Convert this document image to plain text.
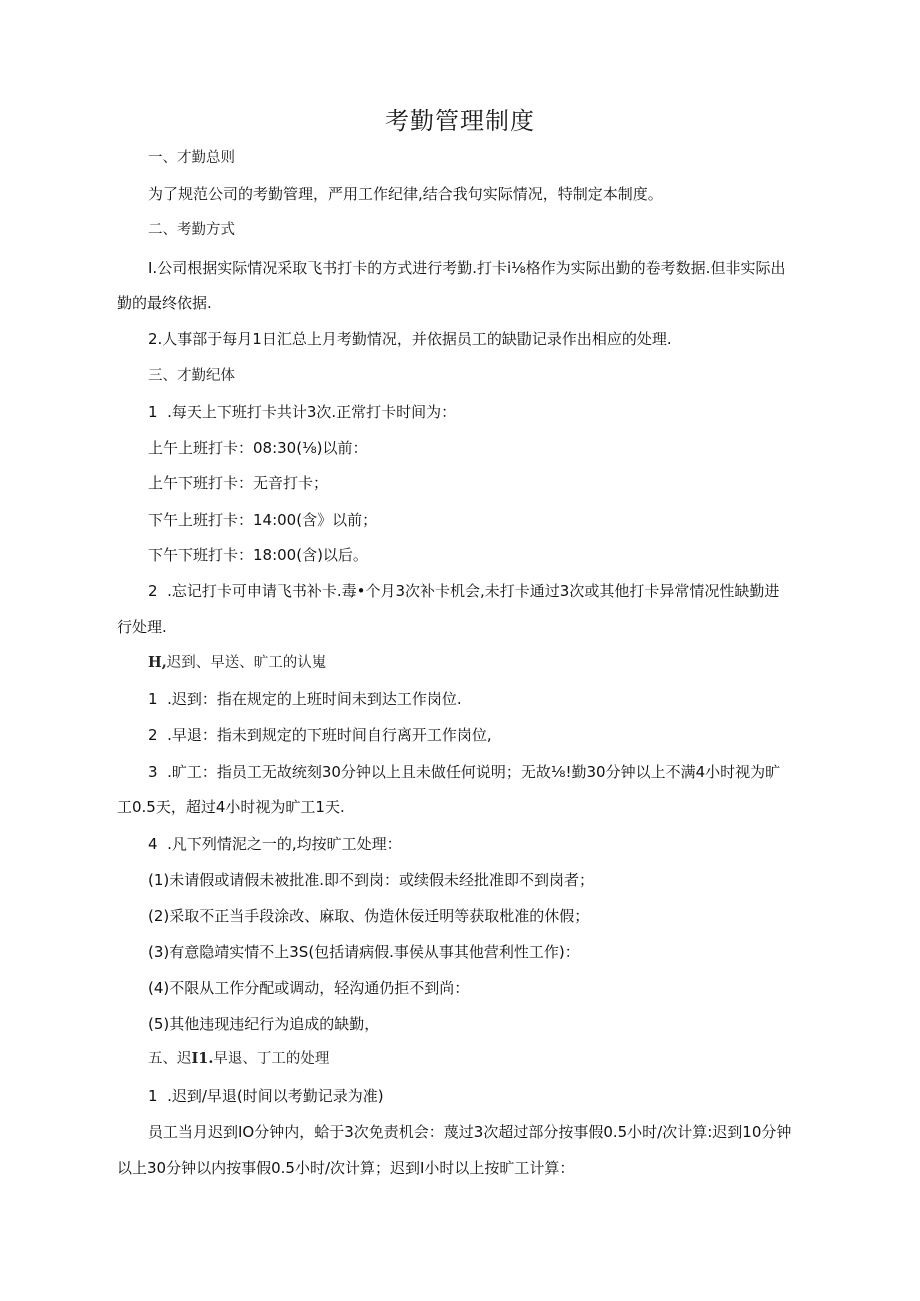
考勤管理制度
一、才勤总则
为了规范公司的考勤管理，严用工作纪律,结合我句实际情况，特制定本制度。
二、考勤方式
I.公司根据实际情况采取飞书打卡的方式进行考勤.打卡i⅛格作为实际出勤的卷考数据.但非实际出
勤的最终依据.
2.人事部于每月1日汇总上月考勤情况，并依据员工的缺勖记录作出相应的处理.
三、才勤纪体
1  .每天上下班打卡共计3次.正常打卡时间为：
上午上班打卡：08:30(⅛)以前：
上午下班打卡：无音打卡；
下午上班打卡：14:00(含》以前；
下午下班打卡：18:00(含)以后。
2  .忘记打卡可申请飞书补卡.毒•个月3次补卡机会,未打卡通过3次或其他打卡异常情况性缺勤进
行处理.
H,迟到、早送、旷工的认嵬
1  .迟到：指在规定的上班时间未到达工作岗位.
2  .早退：指未到规定的下班时间自行离开工作岗位,
3  .旷工：指员工无故统刻30分钟以上且未做任何说明；无故⅛!勤30分钟以上不满4小时视为旷
工0.5天，超过4小时视为旷工1天.
4  .凡下列情泥之一的,均按旷工处理：
(1)未请假或请假未被批准.即不到岗：或续假未经批准即不到岗者；
(2)采取不正当手段涂改、麻取、伪造休佞迁明等获取枇准的休假；
(3)有意隐靖实情不上3S(包括请病假.事侯从事其他营利性工作)：
(4)不限从工作分配或调动，轻沟通仍拒不到尚：
(5)其他违现违纪行为追成的缺勤，
五、迟I1.早退、丁工的处理
1  .迟到/早退(时间以考勤记录为准)
员工当月迟到IO分钟内，蛤于3次免责机会：蔑过3次超过部分按事假0.5小时/次计算:迟到10分钟
以上30分钟以内按事假0.5小时/次计算；迟到I小时以上按旷工计算：
